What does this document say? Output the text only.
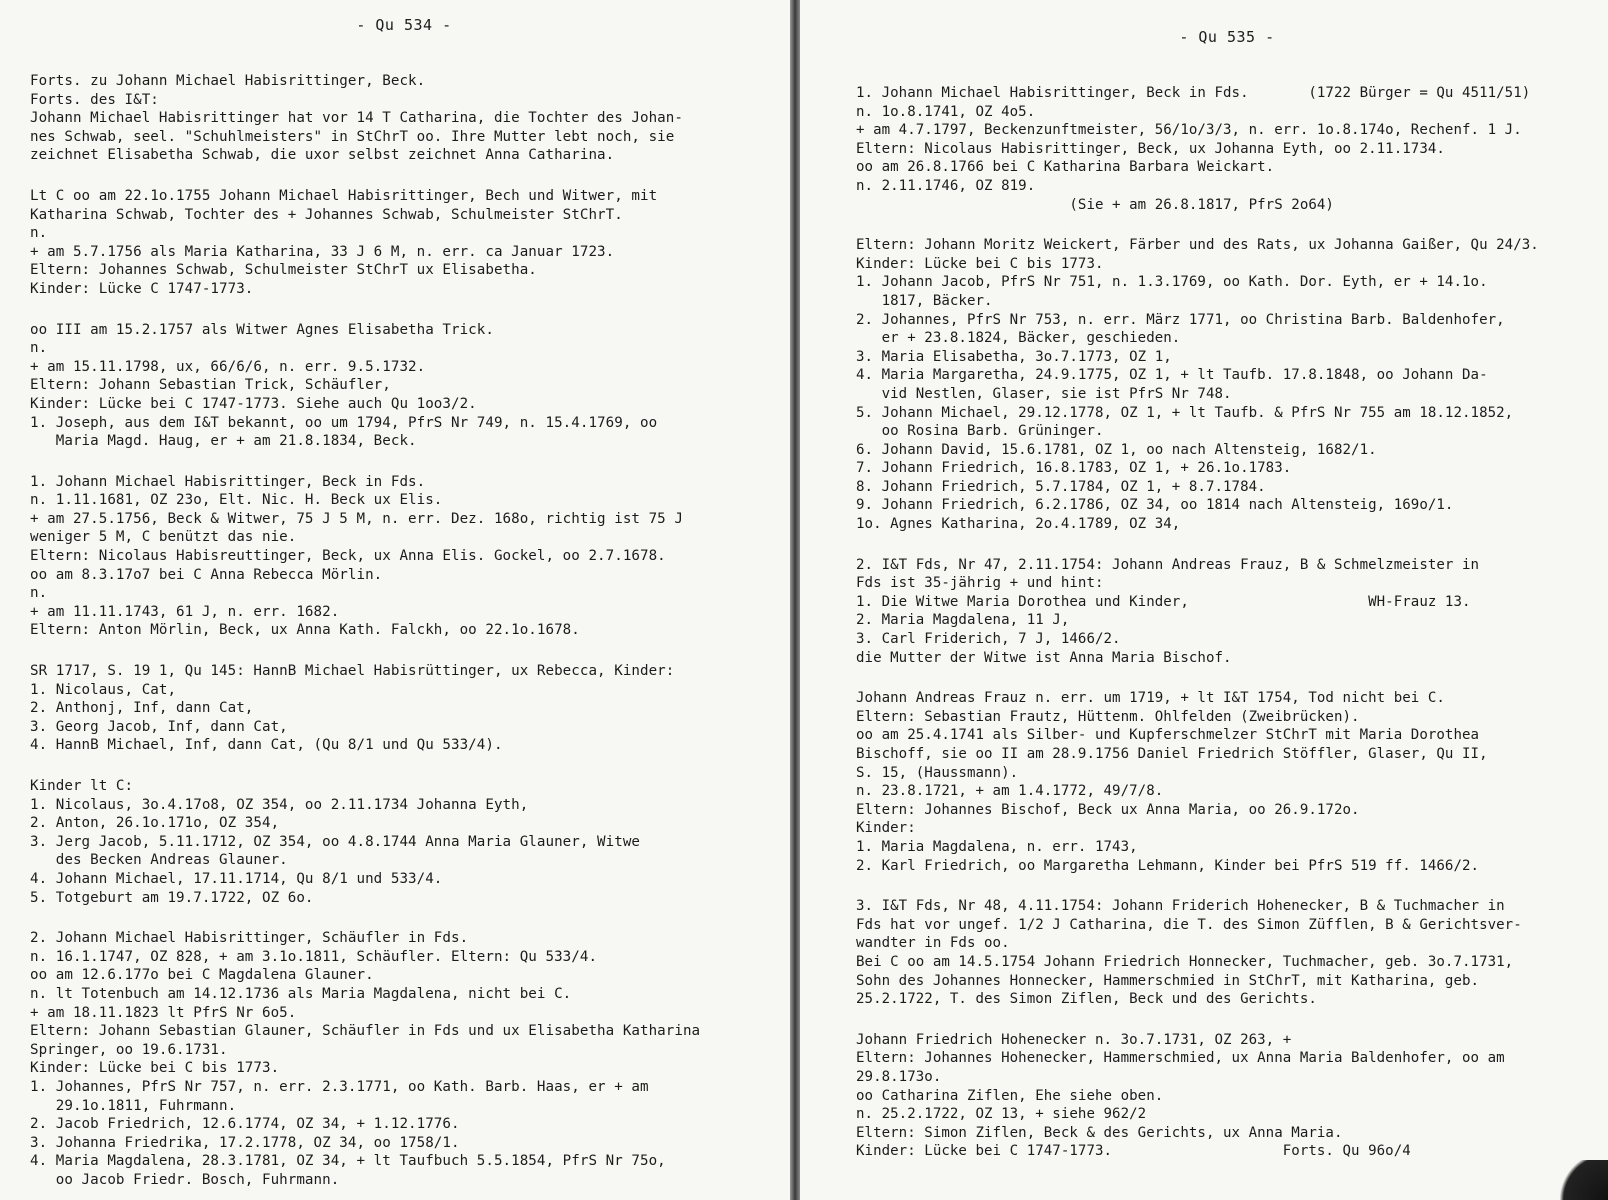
- Qu 534 -
Forts. zu Johann Michael Habisrittinger, Beck.
Forts. des I&T:
Johann Michael Habisrittinger hat vor 14 T Catharina, die Tochter des Johan-
nes Schwab, seel. "Schuhlmeisters" in StChrT oo. Ihre Mutter lebt noch, sie
zeichnet Elisabetha Schwab, die uxor selbst zeichnet Anna Catharina.
Lt C oo am 22.1o.1755 Johann Michael Habisrittinger, Bech und Witwer, mit
Katharina Schwab, Tochter des + Johannes Schwab, Schulmeister StChrT.
n.
+ am 5.7.1756 als Maria Katharina, 33 J 6 M, n. err. ca Januar 1723.
Eltern: Johannes Schwab, Schulmeister StChrT ux Elisabetha.
Kinder: Lücke C 1747-1773.
oo III am 15.2.1757 als Witwer Agnes Elisabetha Trick.
n.
+ am 15.11.1798, ux, 66/6/6, n. err. 9.5.1732.
Eltern: Johann Sebastian Trick, Schäufler,
Kinder: Lücke bei C 1747-1773. Siehe auch Qu 1oo3/2.
1. Joseph, aus dem I&T bekannt, oo um 1794, PfrS Nr 749, n. 15.4.1769, oo
Maria Magd. Haug, er + am 21.8.1834, Beck.
1. Johann Michael Habisrittinger, Beck in Fds.
n. 1.11.1681, OZ 23o, Elt. Nic. H. Beck ux Elis.
+ am 27.5.1756, Beck & Witwer, 75 J 5 M, n. err. Dez. 168o, richtig ist 75 J
weniger 5 M, C benützt das nie.
Eltern: Nicolaus Habisreuttinger, Beck, ux Anna Elis. Gockel, oo 2.7.1678.
oo am 8.3.17o7 bei C Anna Rebecca Mörlin.
n.
+ am 11.11.1743, 61 J, n. err. 1682.
Eltern: Anton Mörlin, Beck, ux Anna Kath. Falckh, oo 22.1o.1678.
SR 1717, S. 19 1, Qu 145: HannB Michael Habisrüttinger, ux Rebecca, Kinder:
1. Nicolaus, Cat,
2. Anthonj, Inf, dann Cat,
3. Georg Jacob, Inf, dann Cat,
4. HannB Michael, Inf, dann Cat, (Qu 8/1 und Qu 533/4).
Kinder lt C:
1. Nicolaus, 3o.4.17o8, OZ 354, oo 2.11.1734 Johanna Eyth,
2. Anton, 26.1o.171o, OZ 354,
3. Jerg Jacob, 5.11.1712, OZ 354, oo 4.8.1744 Anna Maria Glauner, Witwe
des Becken Andreas Glauner.
4. Johann Michael, 17.11.1714, Qu 8/1 und 533/4.
5. Totgeburt am 19.7.1722, OZ 6o.
2. Johann Michael Habisrittinger, Schäufler in Fds.
n. 16.1.1747, OZ 828, + am 3.1o.1811, Schäufler. Eltern: Qu 533/4.
oo am 12.6.177o bei C Magdalena Glauner.
n. lt Totenbuch am 14.12.1736 als Maria Magdalena, nicht bei C.
+ am 18.11.1823 lt PfrS Nr 6o5.
Eltern: Johann Sebastian Glauner, Schäufler in Fds und ux Elisabetha Katharina
Springer, oo 19.6.1731.
Kinder: Lücke bei C bis 1773.
1. Johannes, PfrS Nr 757, n. err. 2.3.1771, oo Kath. Barb. Haas, er + am
29.1o.1811, Fuhrmann.
2. Jacob Friedrich, 12.6.1774, OZ 34, + 1.12.1776.
3. Johanna Friedrika, 17.2.1778, OZ 34, oo 1758/1.
4. Maria Magdalena, 28.3.1781, OZ 34, + lt Taufbuch 5.5.1854, PfrS Nr 75o,
oo Jacob Friedr. Bosch, Fuhrmann.
- Qu 535 -
1. Johann Michael Habisrittinger, Beck in Fds.       (1722 Bürger = Qu 4511/51)
n. 1o.8.1741, OZ 4o5.
+ am 4.7.1797, Beckenzunftmeister, 56/1o/3/3, n. err. 1o.8.174o, Rechenf. 1 J.
Eltern: Nicolaus Habisrittinger, Beck, ux Johanna Eyth, oo 2.11.1734.
oo am 26.8.1766 bei C Katharina Barbara Weickart.
n. 2.11.1746, OZ 819.
(Sie + am 26.8.1817, PfrS 2o64)
Eltern: Johann Moritz Weickert, Färber und des Rats, ux Johanna Gaißer, Qu 24/3.
Kinder: Lücke bei C bis 1773.
1. Johann Jacob, PfrS Nr 751, n. 1.3.1769, oo Kath. Dor. Eyth, er + 14.1o.
1817, Bäcker.
2. Johannes, PfrS Nr 753, n. err. März 1771, oo Christina Barb. Baldenhofer,
er + 23.8.1824, Bäcker, geschieden.
3. Maria Elisabetha, 3o.7.1773, OZ 1,
4. Maria Margaretha, 24.9.1775, OZ 1, + lt Taufb. 17.8.1848, oo Johann Da-
vid Nestlen, Glaser, sie ist PfrS Nr 748.
5. Johann Michael, 29.12.1778, OZ 1, + lt Taufb. & PfrS Nr 755 am 18.12.1852,
oo Rosina Barb. Grüninger.
6. Johann David, 15.6.1781, OZ 1, oo nach Altensteig, 1682/1.
7. Johann Friedrich, 16.8.1783, OZ 1, + 26.1o.1783.
8. Johann Friedrich, 5.7.1784, OZ 1, + 8.7.1784.
9. Johann Friedrich, 6.2.1786, OZ 34, oo 1814 nach Altensteig, 169o/1.
1o. Agnes Katharina, 2o.4.1789, OZ 34,
2. I&T Fds, Nr 47, 2.11.1754: Johann Andreas Frauz, B & Schmelzmeister in
Fds ist 35-jährig + und hint:
1. Die Witwe Maria Dorothea und Kinder,                     WH-Frauz 13.
2. Maria Magdalena, 11 J,
3. Carl Friderich, 7 J, 1466/2.
die Mutter der Witwe ist Anna Maria Bischof.
Johann Andreas Frauz n. err. um 1719, + lt I&T 1754, Tod nicht bei C.
Eltern: Sebastian Frautz, Hüttenm. Ohlfelden (Zweibrücken).
oo am 25.4.1741 als Silber- und Kupferschmelzer StChrT mit Maria Dorothea
Bischoff, sie oo II am 28.9.1756 Daniel Friedrich Stöffler, Glaser, Qu II,
S. 15, (Haussmann).
n. 23.8.1721, + am 1.4.1772, 49/7/8.
Eltern: Johannes Bischof, Beck ux Anna Maria, oo 26.9.172o.
Kinder:
1. Maria Magdalena, n. err. 1743,
2. Karl Friedrich, oo Margaretha Lehmann, Kinder bei PfrS 519 ff. 1466/2.
3. I&T Fds, Nr 48, 4.11.1754: Johann Friderich Hohenecker, B & Tuchmacher in
Fds hat vor ungef. 1/2 J Catharina, die T. des Simon Züfflen, B & Gerichtsver-
wandter in Fds oo.
Bei C oo am 14.5.1754 Johann Friedrich Honnecker, Tuchmacher, geb. 3o.7.1731,
Sohn des Johannes Honnecker, Hammerschmied in StChrT, mit Katharina, geb.
25.2.1722, T. des Simon Ziflen, Beck und des Gerichts.
Johann Friedrich Hohenecker n. 3o.7.1731, OZ 263, +
Eltern: Johannes Hohenecker, Hammerschmied, ux Anna Maria Baldenhofer, oo am
29.8.173o.
oo Catharina Ziflen, Ehe siehe oben.
n. 25.2.1722, OZ 13, + siehe 962/2
Eltern: Simon Ziflen, Beck & des Gerichts, ux Anna Maria.
Kinder: Lücke bei C 1747-1773.                    Forts. Qu 96o/4
